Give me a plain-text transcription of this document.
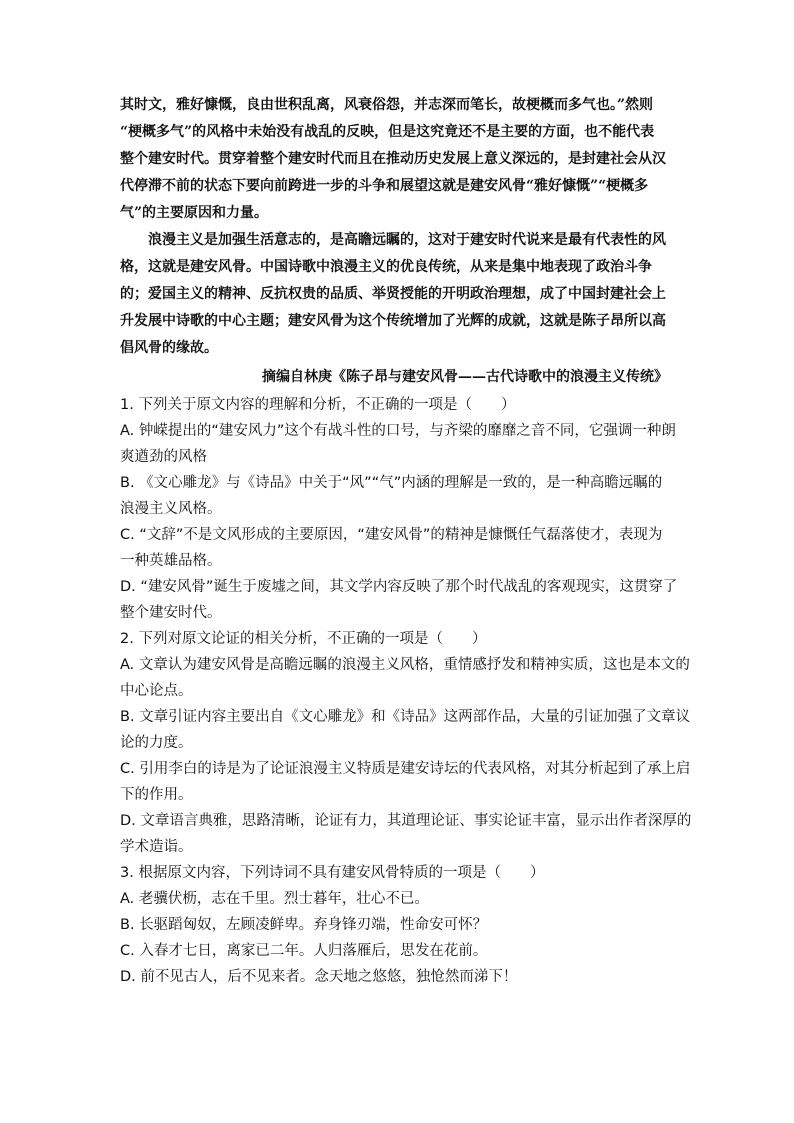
其时文，雅好慷慨，良由世积乱离，风衰俗怨，并志深而笔长，故梗概而多气也。”然则
“梗概多气”的风格中未始没有战乱的反映，但是这究竟还不是主要的方面，也不能代表
整个建安时代。贯穿着整个建安时代而且在推动历史发展上意义深远的，是封建社会从汉
代停滞不前的状态下要向前跨进一步的斗争和展望这就是建安风骨“雅好慷慨”“梗概多
气”的主要原因和力量。

浪漫主义是加强生活意志的，是高瞻远瞩的，这对于建安时代说来是最有代表性的风
格，这就是建安风骨。中国诗歌中浪漫主义的优良传统，从来是集中地表现了政治斗争
的；爱国主义的精神、反抗权贵的品质、举贤授能的开明政治理想，成了中国封建社会上
升发展中诗歌的中心主题；建安风骨为这个传统增加了光辉的成就，这就是陈子昂所以高
倡风骨的缘故。

摘编自林庚《陈子昂与建安风骨——古代诗歌中的浪漫主义传统》
1. 下列关于原文内容的理解和分析，不正确的一项是（　　）
A. 钟嵘提出的“建安风力”这个有战斗性的口号，与齐梁的靡靡之音不同，它强调一种朗
爽遒劲的风格
B. 《文心雕龙》与《诗品》中关于“风”“气”内涵的理解是一致的，是一种高瞻远瞩的
浪漫主义风格。
C. “文辞”不是文风形成的主要原因，“建安风骨”的精神是慷慨任气磊落使才，表现为
一种英雄品格。
D. “建安风骨”诞生于废墟之间，其文学内容反映了那个时代战乱的客观现实，这贯穿了
整个建安时代。
2. 下列对原文论证的相关分析，不正确的一项是（　　）
A. 文章认为建安风骨是高瞻远瞩的浪漫主义风格，重情感抒发和精神实质，这也是本文的
中心论点。
B. 文章引证内容主要出自《文心雕龙》和《诗品》这两部作品，大量的引证加强了文章议
论的力度。
C. 引用李白的诗是为了论证浪漫主义特质是建安诗坛的代表风格，对其分析起到了承上启
下的作用。
D. 文章语言典雅，思路清晰，论证有力，其道理论证、事实论证丰富，显示出作者深厚的
学术造诣。
3. 根据原文内容，下列诗词不具有建安风骨特质的一项是（　　）
A. 老骥伏枥，志在千里。烈士暮年，壮心不已。
B. 长驱蹈匈奴，左顾凌鲜卑。弃身锋刃端，性命安可怀？
C. 入春才七日，离家已二年。人归落雁后，思发在花前。
D. 前不见古人，后不见来者。念天地之悠悠，独怆然而涕下！
